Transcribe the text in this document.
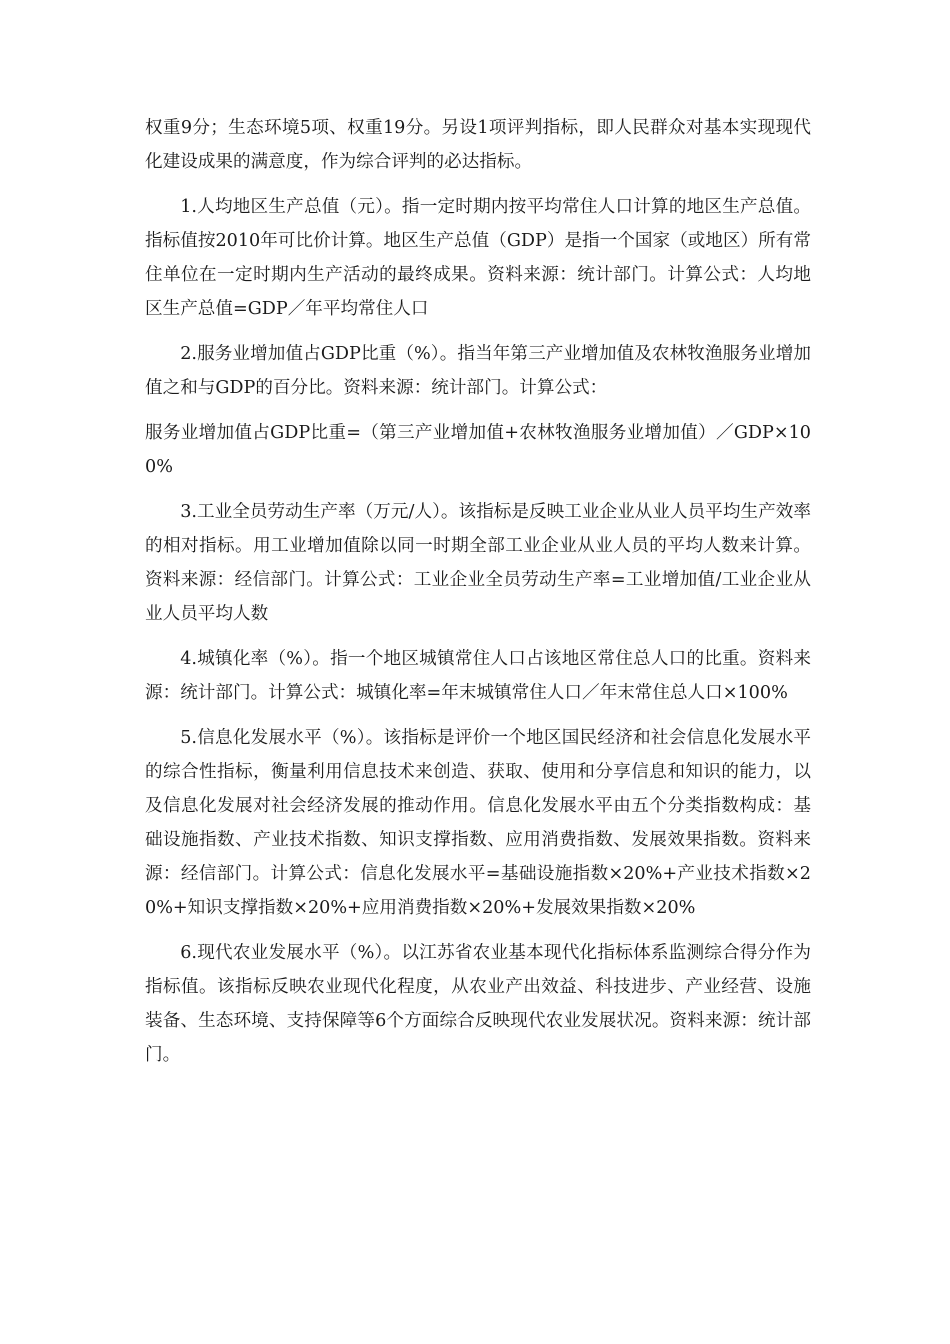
权重9分；生态环境5项、权重19分。另设1项评判指标，即人民群众对基本实现现代化建设成果的满意度，作为综合评判的必达指标。

1.人均地区生产总值（元）。指一定时期内按平均常住人口计算的地区生产总值。指标值按2010年可比价计算。地区生产总值（GDP）是指一个国家（或地区）所有常住单位在一定时期内生产活动的最终成果。资料来源：统计部门。计算公式：人均地区生产总值=GDP／年平均常住人口

2.服务业增加值占GDP比重（%）。指当年第三产业增加值及农林牧渔服务业增加值之和与GDP的百分比。资料来源：统计部门。计算公式：

服务业增加值占GDP比重=（第三产业增加值+农林牧渔服务业增加值）／GDP×100%

3.工业全员劳动生产率（万元/人）。该指标是反映工业企业从业人员平均生产效率的相对指标。用工业增加值除以同一时期全部工业企业从业人员的平均人数来计算。资料来源：经信部门。计算公式：工业企业全员劳动生产率=工业增加值/工业企业从业人员平均人数

4.城镇化率（%）。指一个地区城镇常住人口占该地区常住总人口的比重。资料来源：统计部门。计算公式：城镇化率=年末城镇常住人口／年末常住总人口×100%

5.信息化发展水平（%）。该指标是评价一个地区国民经济和社会信息化发展水平的综合性指标，衡量利用信息技术来创造、获取、使用和分享信息和知识的能力，以及信息化发展对社会经济发展的推动作用。信息化发展水平由五个分类指数构成：基础设施指数、产业技术指数、知识支撑指数、应用消费指数、发展效果指数。资料来源：经信部门。计算公式：信息化发展水平=基础设施指数×20%+产业技术指数×20%+知识支撑指数×20%+应用消费指数×20%+发展效果指数×20%

6.现代农业发展水平（%）。以江苏省农业基本现代化指标体系监测综合得分作为指标值。该指标反映农业现代化程度，从农业产出效益、科技进步、产业经营、设施装备、生态环境、支持保障等6个方面综合反映现代农业发展状况。资料来源：统计部门。
